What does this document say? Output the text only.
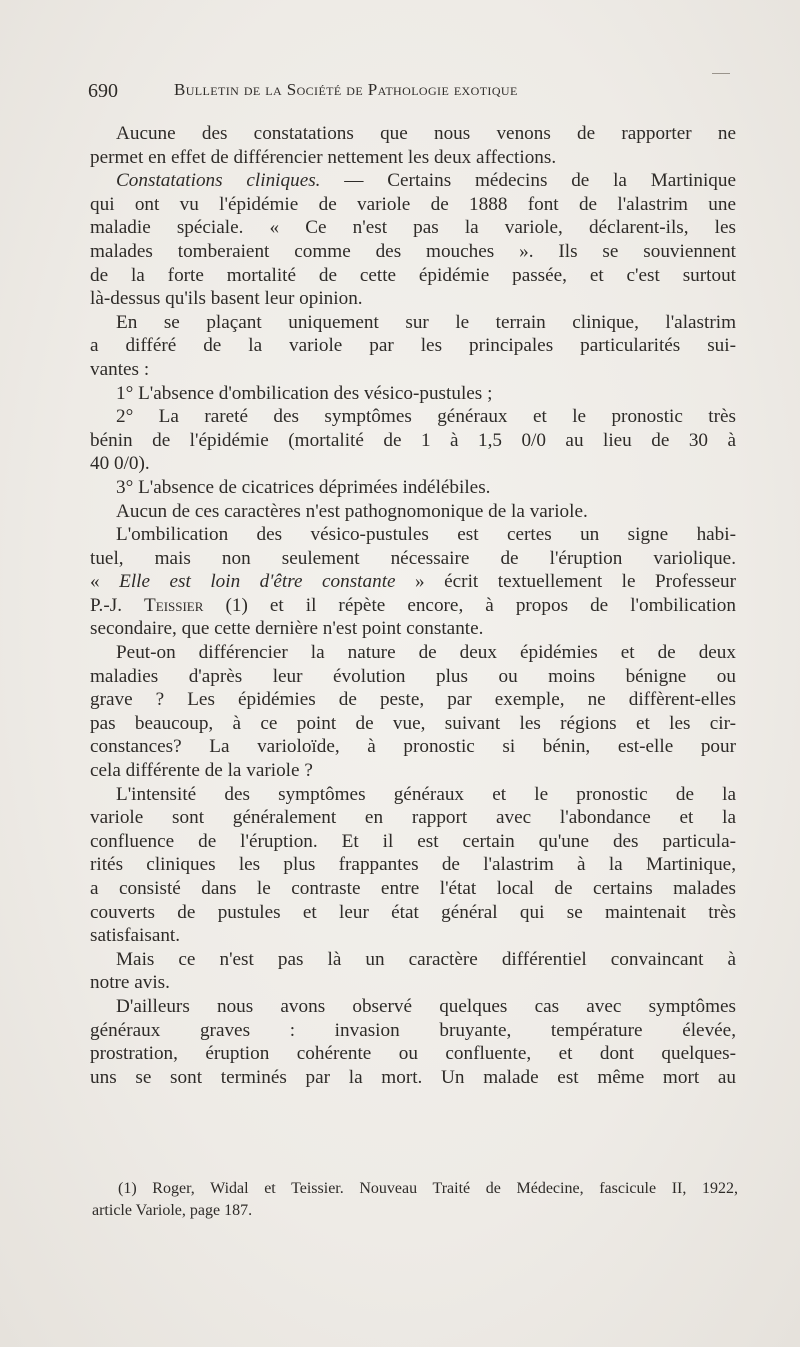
690	Bulletin de la Société de Pathologie exotique
Aucune des constatations que nous venons de rapporter ne
permet en effet de différencier nettement les deux affections.
Constatations cliniques. — Certains médecins de la Martinique
qui ont vu l'épidémie de variole de 1888 font de l'alastrim une
maladie spéciale. « Ce n'est pas la variole, déclarent-ils, les
malades tomberaient comme des mouches ». Ils se souviennent
de la forte mortalité de cette épidémie passée, et c'est surtout
là-dessus qu'ils basent leur opinion.
En se plaçant uniquement sur le terrain clinique, l'alastrim
a différé de la variole par les principales particularités sui-
vantes :
1° L'absence d'ombilication des vésico-pustules ;
2° La rareté des symptômes généraux et le pronostic très
bénin de l'épidémie (mortalité de 1 à 1,5 0/0 au lieu de 30 à
40 0/0).
3° L'absence de cicatrices déprimées indélébiles.
Aucun de ces caractères n'est pathognomonique de la variole.
L'ombilication des vésico-pustules est certes un signe habi-
tuel, mais non seulement nécessaire de l'éruption variolique.
« Elle est loin d'être constante » écrit textuellement le Professeur
P.-J. Teissier (1) et il répète encore, à propos de l'ombilication
secondaire, que cette dernière n'est point constante.
Peut-on différencier la nature de deux épidémies et de deux
maladies d'après leur évolution plus ou moins bénigne ou
grave ? Les épidémies de peste, par exemple, ne diffèrent-elles
pas beaucoup, à ce point de vue, suivant les régions et les cir-
constances? La varioloïde, à pronostic si bénin, est-elle pour
cela différente de la variole ?
L'intensité des symptômes généraux et le pronostic de la
variole sont généralement en rapport avec l'abondance et la
confluence de l'éruption. Et il est certain qu'une des particula-
rités cliniques les plus frappantes de l'alastrim à la Martinique,
a consisté dans le contraste entre l'état local de certains malades
couverts de pustules et leur état général qui se maintenait très
satisfaisant.
Mais ce n'est pas là un caractère différentiel convaincant à
notre avis.
D'ailleurs nous avons observé quelques cas avec symptômes
généraux graves : invasion bruyante, température élevée,
prostration, éruption cohérente ou confluente, et dont quelques-
uns se sont terminés par la mort. Un malade est même mort au
(1) Roger, Widal et Teissier. Nouveau Traité de Médecine, fascicule II, 1922,
article Variole, page 187.
